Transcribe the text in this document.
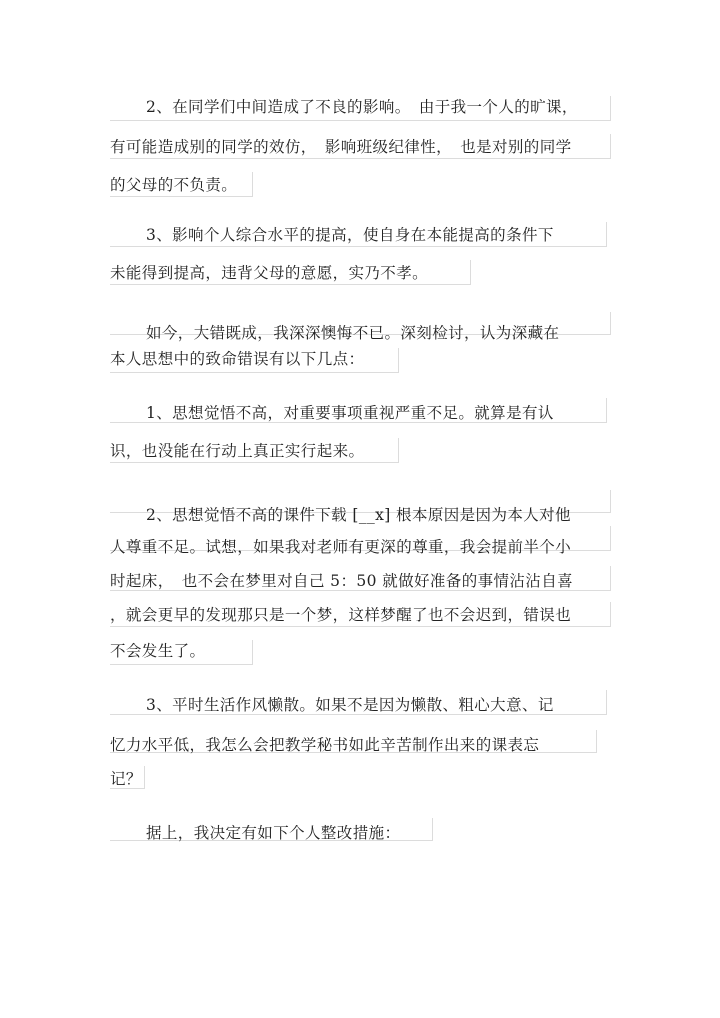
2、在同学们中间造成了不良的影响。　由于我一个人的旷课，
有可能造成别的同学的效仿，　影响班级纪律性，　也是对别的同学
的父母的不负责。
3、影响个人综合水平的提高，使自身在本能提高的条件下
未能得到提高，违背父母的意愿，实乃不孝。
如今，大错既成，我深深懊悔不已。深刻检讨，认为深藏在
本人思想中的致命错误有以下几点：
1、思想觉悟不高，对重要事项重视严重不足。就算是有认
识，也没能在行动上真正实行起来。
2、思想觉悟不高的课件下载 [__x] 根本原因是因为本人对他
人尊重不足。试想，如果我对老师有更深的尊重，我会提前半个小
时起床，　也不会在梦里对自己 5：50 就做好准备的事情沾沾自喜
，就会更早的发现那只是一个梦，这样梦醒了也不会迟到，错误也
不会发生了。
3、平时生活作风懒散。如果不是因为懒散、粗心大意、记
忆力水平低，我怎么会把教学秘书如此辛苦制作出来的课表忘
记？
据上，我决定有如下个人整改措施：
